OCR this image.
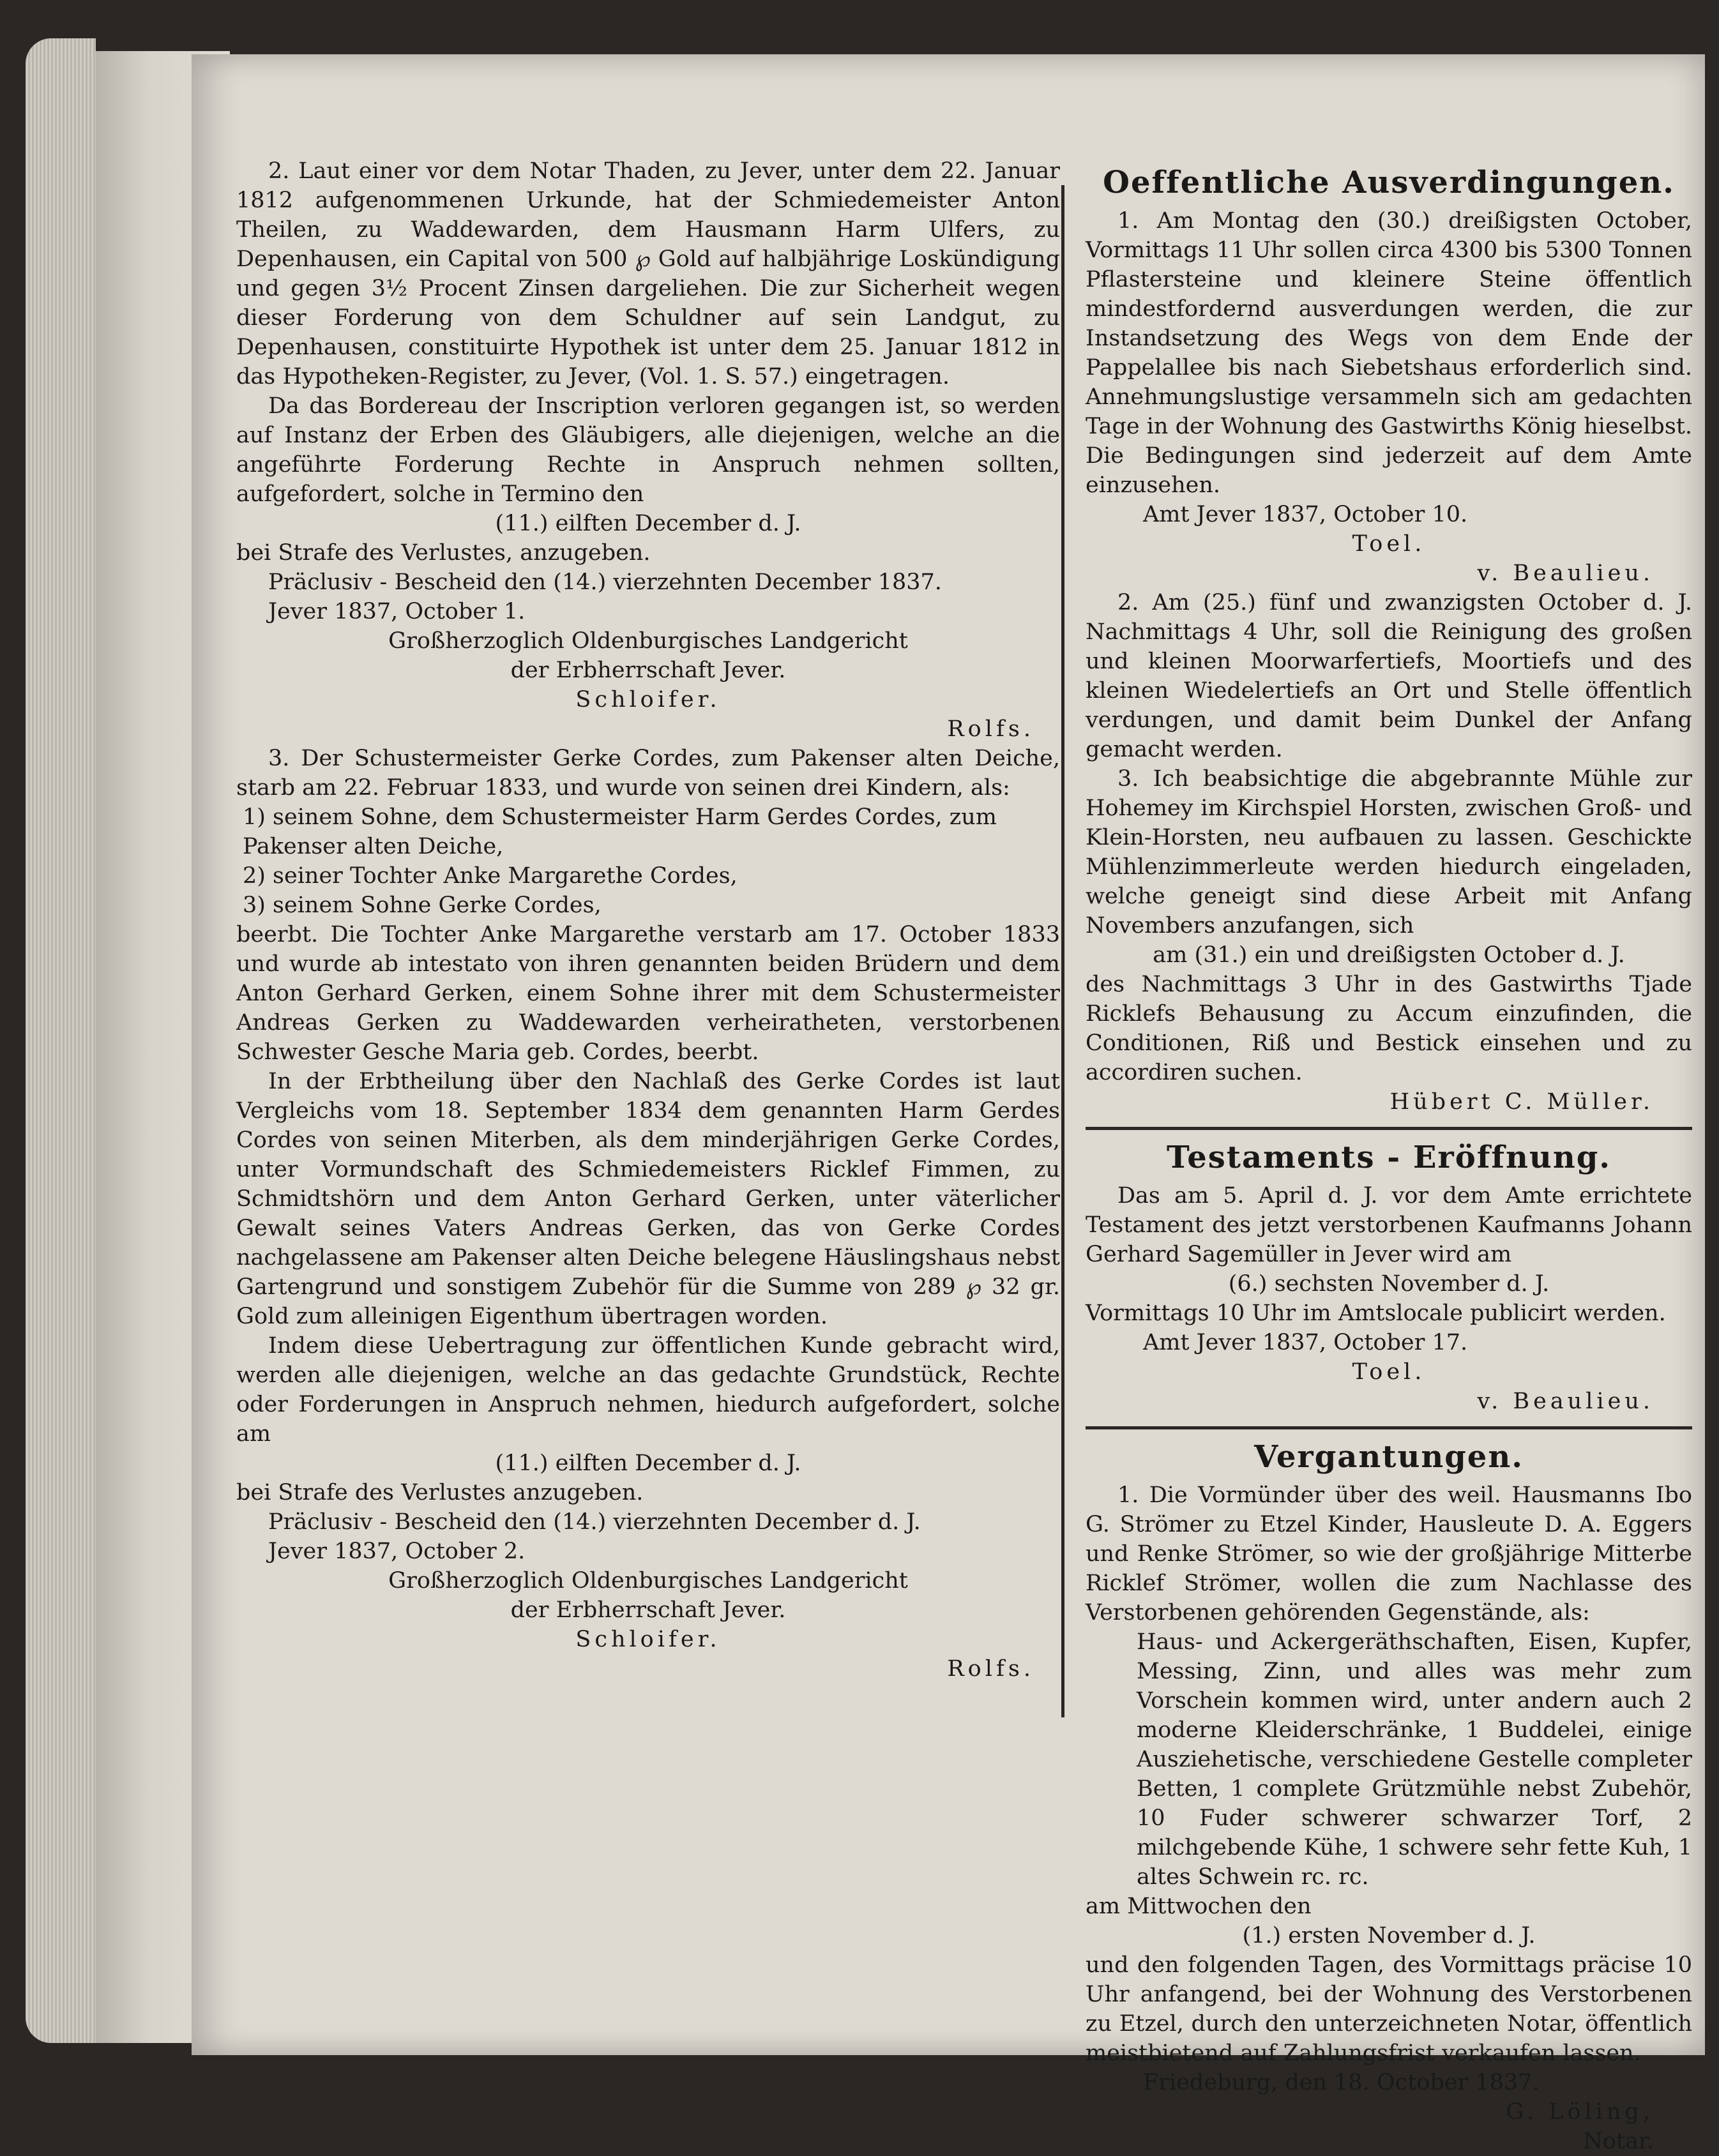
2. Laut einer vor dem Notar Thaden, zu Jever, unter dem 22. Januar 1812 aufgenommenen Urkunde, hat der Schmiedemeister Anton Theilen, zu Waddewarden, dem Hausmann Harm Ulfers, zu Depenhausen, ein Capital von 500 ℘ Gold auf halbjährige Loskündigung und gegen 3½ Procent Zinsen dargeliehen. Die zur Sicherheit wegen dieser Forderung von dem Schuldner auf sein Landgut, zu Depenhausen, constituirte Hypothek ist unter dem 25. Januar 1812 in das Hypotheken-Register, zu Jever, (Vol. 1. S. 57.) eingetragen.

Da das Bordereau der Inscription verloren gegangen ist, so werden auf Instanz der Erben des Gläubigers, alle diejenigen, welche an die angeführte Forderung Rechte in Anspruch nehmen sollten, aufgefordert, solche in Termino den

(11.) eilften December d. J.

bei Strafe des Verlustes, anzugeben.

Präclusiv - Bescheid den (14.) vierzehnten December 1837.

Jever 1837, October 1.

Großherzoglich Oldenburgisches Landgericht

der Erbherrschaft Jever.

Schloifer.

Rolfs.

3. Der Schustermeister Gerke Cordes, zum Pakenser alten Deiche, starb am 22. Februar 1833, und wurde von seinen drei Kindern, als:

1) seinem Sohne, dem Schustermeister Harm Gerdes Cordes, zum Pakenser alten Deiche,

2) seiner Tochter Anke Margarethe Cordes,

3) seinem Sohne Gerke Cordes,

beerbt. Die Tochter Anke Margarethe verstarb am 17. October 1833 und wurde ab intestato von ihren genannten beiden Brüdern und dem Anton Gerhard Gerken, einem Sohne ihrer mit dem Schustermeister Andreas Gerken zu Waddewarden verheiratheten, verstorbenen Schwester Gesche Maria geb. Cordes, beerbt.

In der Erbtheilung über den Nachlaß des Gerke Cordes ist laut Vergleichs vom 18. September 1834 dem genannten Harm Gerdes Cordes von seinen Miterben, als dem minderjährigen Gerke Cordes, unter Vormundschaft des Schmiedemeisters Ricklef Fimmen, zu Schmidtshörn und dem Anton Gerhard Gerken, unter väterlicher Gewalt seines Vaters Andreas Gerken, das von Gerke Cordes nachgelassene am Pakenser alten Deiche belegene Häuslingshaus nebst Gartengrund und sonstigem Zubehör für die Summe von 289 ℘ 32 gr. Gold zum alleinigen Eigenthum übertragen worden.

Indem diese Uebertragung zur öffentlichen Kunde gebracht wird, werden alle diejenigen, welche an das gedachte Grundstück, Rechte oder Forderungen in Anspruch nehmen, hiedurch aufgefordert, solche am

(11.) eilften December d. J.

bei Strafe des Verlustes anzugeben.

Präclusiv - Bescheid den (14.) vierzehnten December d. J.

Jever 1837, October 2.

Großherzoglich Oldenburgisches Landgericht

der Erbherrschaft Jever.

Schloifer.

Rolfs.

Oeffentliche Ausverdingungen.

1. Am Montag den (30.) dreißigsten October, Vormittags 11 Uhr sollen circa 4300 bis 5300 Tonnen Pflastersteine und kleinere Steine öffentlich mindestfordernd ausverdungen werden, die zur Instandsetzung des Wegs von dem Ende der Pappelallee bis nach Siebetshaus erforderlich sind. Annehmungslustige versammeln sich am gedachten Tage in der Wohnung des Gastwirths König hieselbst. Die Bedingungen sind jederzeit auf dem Amte einzusehen.

Amt Jever 1837, October 10.

Toel.

v. Beaulieu.

2. Am (25.) fünf und zwanzigsten October d. J. Nachmittags 4 Uhr, soll die Reinigung des großen und kleinen Moorwarfertiefs, Moortiefs und des kleinen Wiedelertiefs an Ort und Stelle öffentlich verdungen, und damit beim Dunkel der Anfang gemacht werden.

3. Ich beabsichtige die abgebrannte Mühle zur Hohemey im Kirchspiel Horsten, zwischen Groß- und Klein-Horsten, neu aufbauen zu lassen. Geschickte Mühlenzimmerleute werden hiedurch eingeladen, welche geneigt sind diese Arbeit mit Anfang Novembers anzufangen, sich

am (31.) ein und dreißigsten October d. J.

des Nachmittags 3 Uhr in des Gastwirths Tjade Ricklefs Behausung zu Accum einzufinden, die Conditionen, Riß und Bestick einsehen und zu accordiren suchen.

Hübert C. Müller.

Testaments - Eröffnung.

Das am 5. April d. J. vor dem Amte errichtete Testament des jetzt verstorbenen Kaufmanns Johann Gerhard Sagemüller in Jever wird am

(6.) sechsten November d. J.

Vormittags 10 Uhr im Amtslocale publicirt werden.

Amt Jever 1837, October 17.

Toel.

v. Beaulieu.

Vergantungen.

1. Die Vormünder über des weil. Hausmanns Ibo G. Strömer zu Etzel Kinder, Hausleute D. A. Eggers und Renke Strömer, so wie der großjährige Mitterbe Ricklef Strömer, wollen die zum Nachlasse des Verstorbenen gehörenden Gegenstände, als:

Haus- und Ackergeräthschaften, Eisen, Kupfer, Messing, Zinn, und alles was mehr zum Vorschein kommen wird, unter andern auch 2 moderne Kleiderschränke, 1 Buddelei, einige Ausziehetische, verschiedene Gestelle completer Betten, 1 complete Grützmühle nebst Zubehör, 10 Fuder schwerer schwarzer Torf, 2 milchgebende Kühe, 1 schwere sehr fette Kuh, 1 altes Schwein rc. rc.

am Mittwochen den

(1.) ersten November d. J.

und den folgenden Tagen, des Vormittags präcise 10 Uhr anfangend, bei der Wohnung des Verstorbenen zu Etzel, durch den unterzeichneten Notar, öffentlich meistbietend auf Zahlungsfrist verkaufen lassen.

Friedeburg, den 18. October 1837.

G. Löling,

Notar.
